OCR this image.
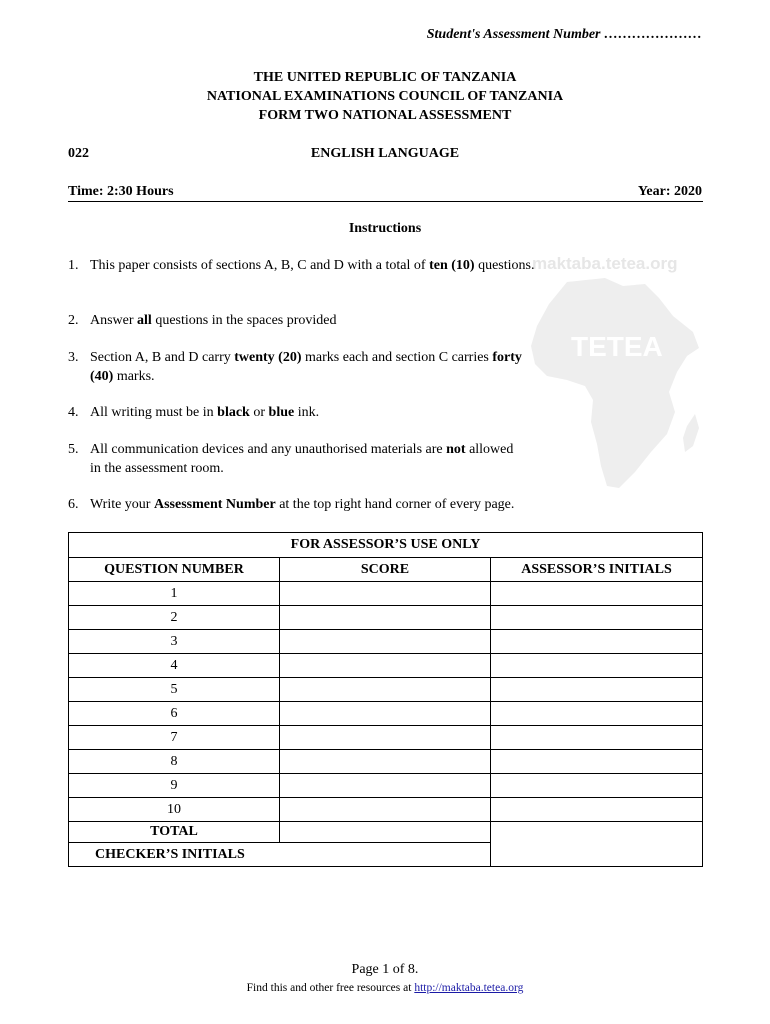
Student's Assessment Number …………………
THE UNITED REPUBLIC OF TANZANIA
NATIONAL EXAMINATIONS COUNCIL OF TANZANIA
FORM TWO NATIONAL ASSESSMENT
022	ENGLISH LANGUAGE
Time: 2:30 Hours	Year: 2020
maktaba.tetea.org
TETEA
Instructions
1. This paper consists of sections A, B, C and D with a total of ten (10) questions.
2. Answer all questions in the spaces provided
3. Section A, B and D carry twenty (20) marks each and section C carries forty (40) marks.
4. All writing must be in black or blue ink.
5. All communication devices and any unauthorised materials are not allowed in the assessment room.
6. Write your Assessment Number at the top right hand corner of every page.
FOR ASSESSOR’S USE ONLY		
QUESTION NUMBER	SCORE	ASSESSOR’S INITIALS
1		
2		
3		
4		
5		
6		
7		
8		
9		
10		
TOTAL		
CHECKER’S INITIALS		
Page 1 of 8.
Find this and other free resources at http://maktaba.tetea.org
